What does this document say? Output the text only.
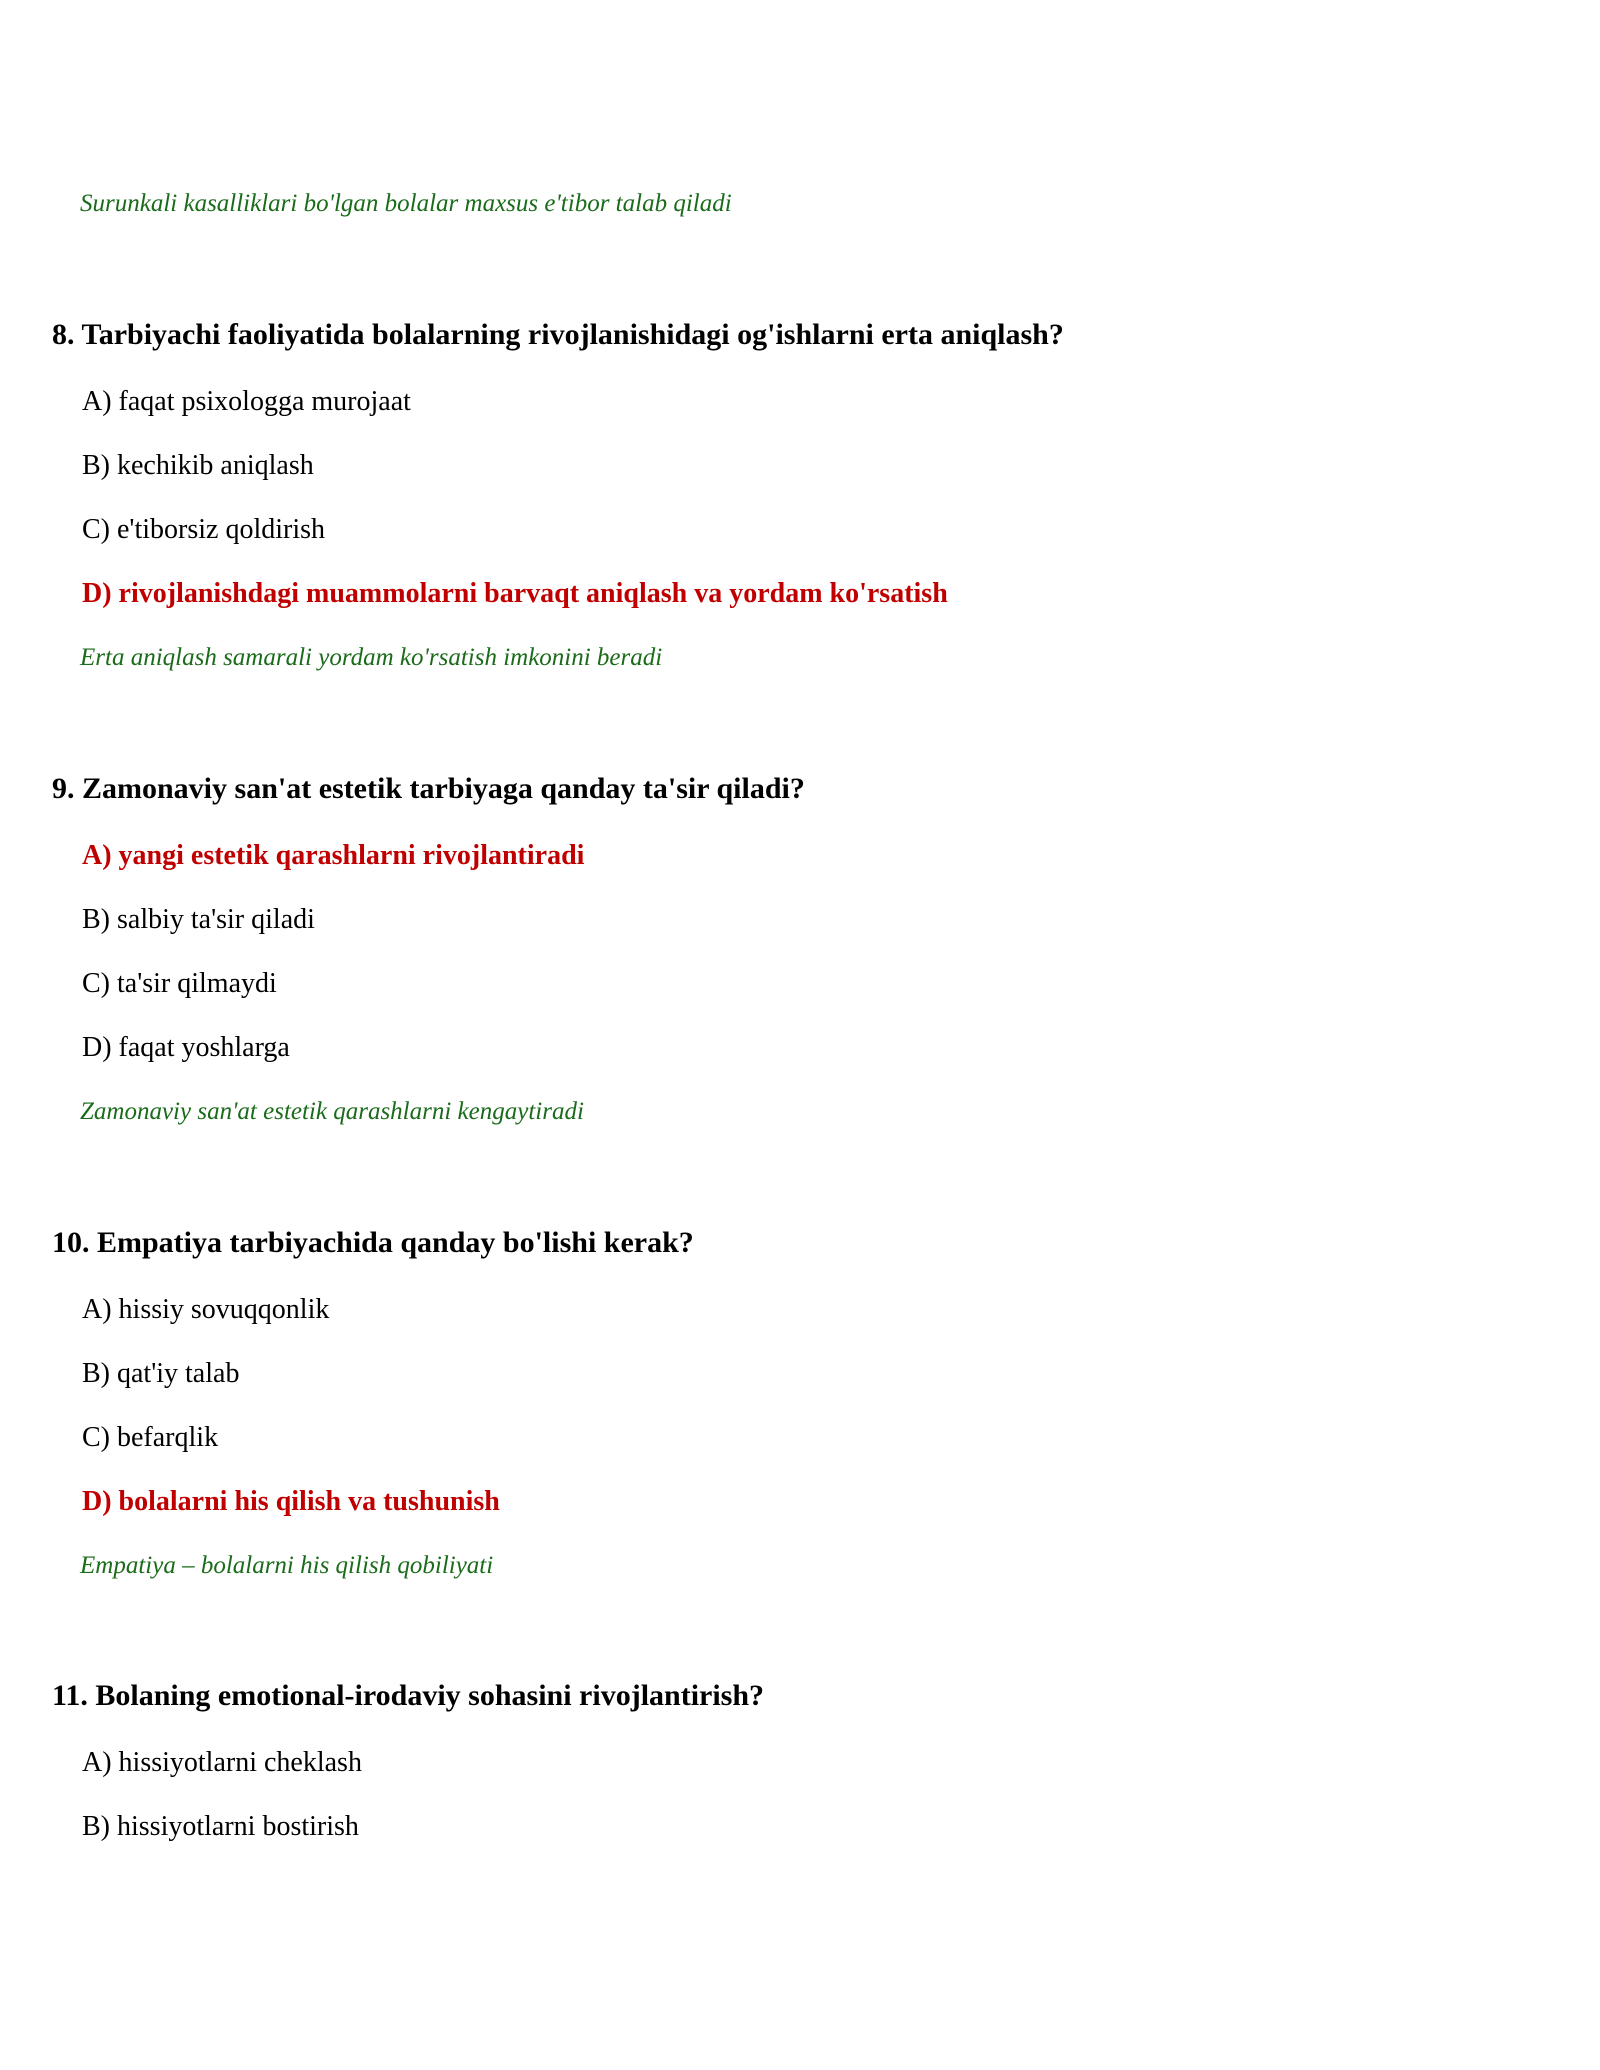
Surunkali kasalliklari bo'lgan bolalar maxsus e'tibor talab qiladi
8. Tarbiyachi faoliyatida bolalarning rivojlanishidagi og'ishlarni erta aniqlash?
A) faqat psixologga murojaat
B) kechikib aniqlash
C) e'tiborsiz qoldirish
D) rivojlanishdagi muammolarni barvaqt aniqlash va yordam ko'rsatish
Erta aniqlash samarali yordam ko'rsatish imkonini beradi
9. Zamonaviy san'at estetik tarbiyaga qanday ta'sir qiladi?
A) yangi estetik qarashlarni rivojlantiradi
B) salbiy ta'sir qiladi
C) ta'sir qilmaydi
D) faqat yoshlarga
Zamonaviy san'at estetik qarashlarni kengaytiradi
10. Empatiya tarbiyachida qanday bo'lishi kerak?
A) hissiy sovuqqonlik
B) qat'iy talab
C) befarqlik
D) bolalarni his qilish va tushunish
Empatiya – bolalarni his qilish qobiliyati
11. Bolaning emotional-irodaviy sohasini rivojlantirish?
A) hissiyotlarni cheklash
B) hissiyotlarni bostirish
